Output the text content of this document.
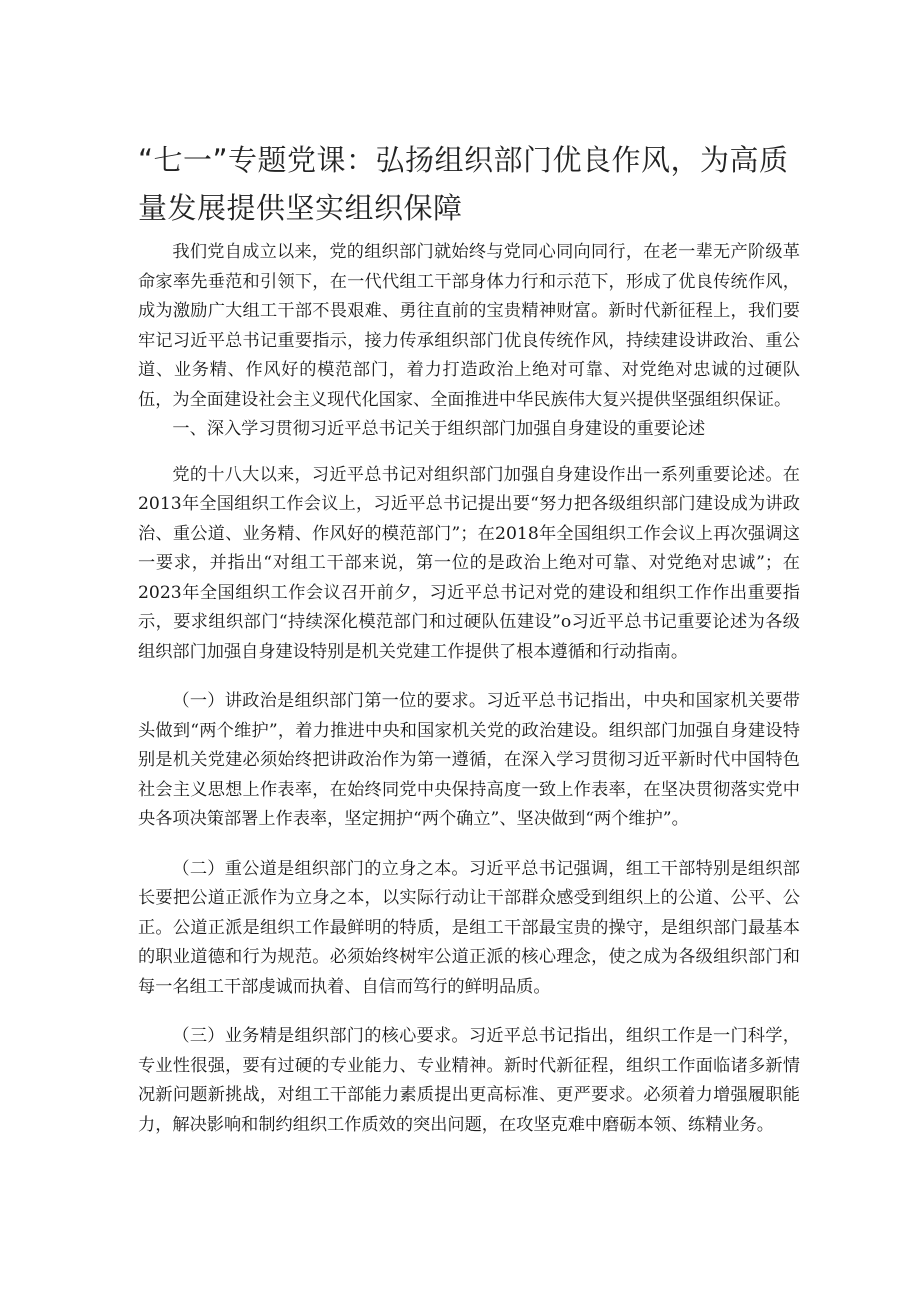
“七一”专题党课：弘扬组织部门优良作风，为高质量发展提供坚实组织保障

我们党自成立以来，党的组织部门就始终与党同心同向同行，在老一辈无产阶级革命家率先垂范和引领下，在一代代组工干部身体力行和示范下，形成了优良传统作风，成为激励广大组工干部不畏艰难、勇往直前的宝贵精神财富。新时代新征程上，我们要牢记习近平总书记重要指示，接力传承组织部门优良传统作风，持续建设讲政治、重公道、业务精、作风好的模范部门，着力打造政治上绝对可靠、对党绝对忠诚的过硬队伍，为全面建设社会主义现代化国家、全面推进中华民族伟大复兴提供坚强组织保证。

一、深入学习贯彻习近平总书记关于组织部门加强自身建设的重要论述

党的十八大以来，习近平总书记对组织部门加强自身建设作出一系列重要论述。在2013年全国组织工作会议上，习近平总书记提出要“努力把各级组织部门建设成为讲政治、重公道、业务精、作风好的模范部门”；在2018年全国组织工作会议上再次强调这一要求，并指出“对组工干部来说，第一位的是政治上绝对可靠、对党绝对忠诚”；在2023年全国组织工作会议召开前夕，习近平总书记对党的建设和组织工作作出重要指示，要求组织部门“持续深化模范部门和过硬队伍建设”o习近平总书记重要论述为各级组织部门加强自身建设特别是机关党建工作提供了根本遵循和行动指南。

（一）讲政治是组织部门第一位的要求。习近平总书记指出，中央和国家机关要带头做到“两个维护”，着力推进中央和国家机关党的政治建设。组织部门加强自身建设特别是机关党建必须始终把讲政治作为第一遵循，在深入学习贯彻习近平新时代中国特色社会主义思想上作表率，在始终同党中央保持高度一致上作表率，在坚决贯彻落实党中央各项决策部署上作表率，坚定拥护“两个确立”、坚决做到“两个维护”。

（二）重公道是组织部门的立身之本。习近平总书记强调，组工干部特别是组织部长要把公道正派作为立身之本，以实际行动让干部群众感受到组织上的公道、公平、公正。公道正派是组织工作最鲜明的特质，是组工干部最宝贵的操守，是组织部门最基本的职业道德和行为规范。必须始终树牢公道正派的核心理念，使之成为各级组织部门和每一名组工干部虔诚而执着、自信而笃行的鲜明品质。

（三）业务精是组织部门的核心要求。习近平总书记指出，组织工作是一门科学，专业性很强，要有过硬的专业能力、专业精神。新时代新征程，组织工作面临诸多新情况新问题新挑战，对组工干部能力素质提出更高标准、更严要求。必须着力增强履职能力，解决影响和制约组织工作质效的突出问题，在攻坚克难中磨砺本领、练精业务。
